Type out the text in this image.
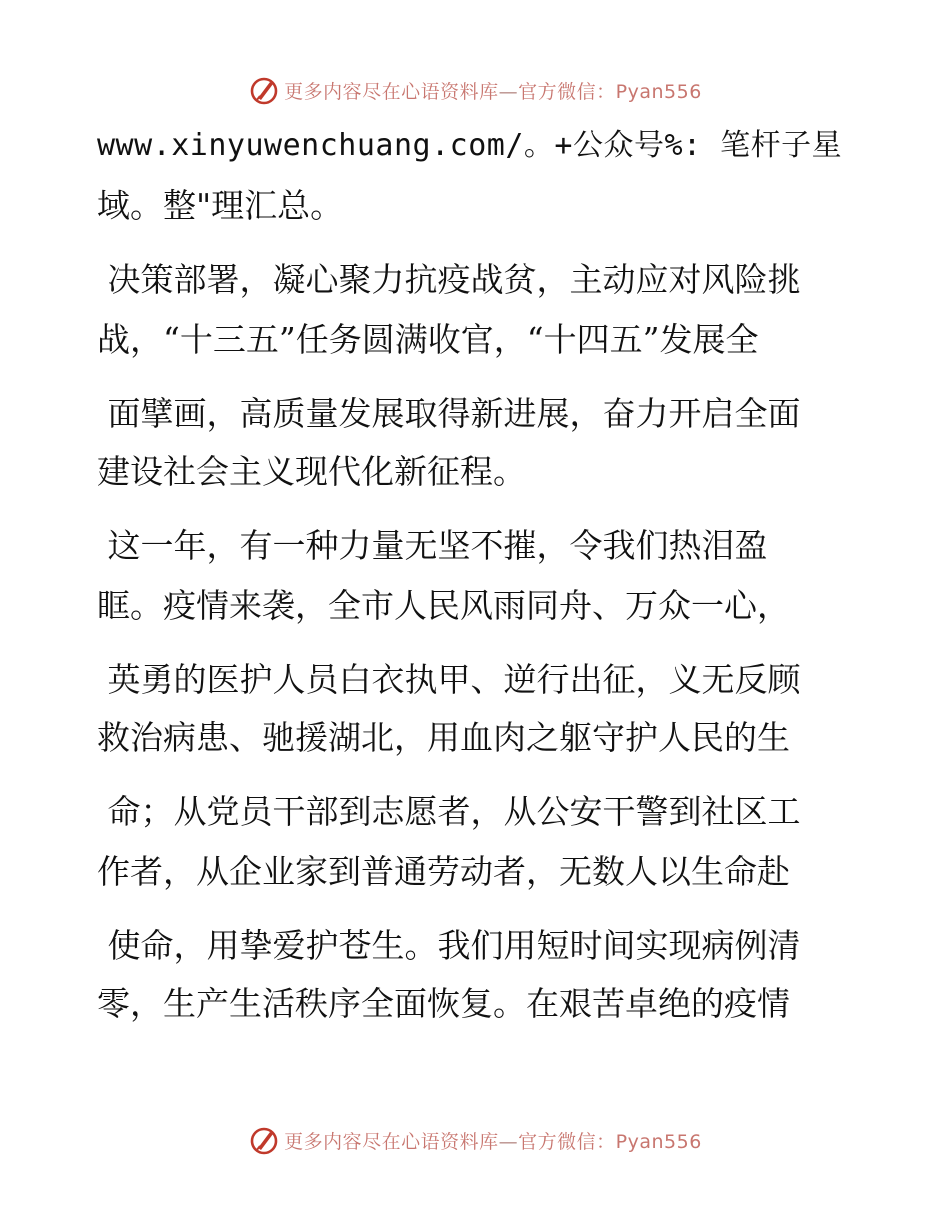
更多内容尽在心语资料库—官方微信：Pyan556
www.xinyuwenchuang.com/。+公众号%: 笔杆子星
域。整"理汇总。
决策部署，凝心聚力抗疫战贫，主动应对风险挑
战，“十三五”任务圆满收官，“十四五”发展全
面擘画，高质量发展取得新进展，奋力开启全面
建设社会主义现代化新征程。
这一年，有一种力量无坚不摧，令我们热泪盈
眶。疫情来袭，全市人民风雨同舟、万众一心，
英勇的医护人员白衣执甲、逆行出征，义无反顾
救治病患、驰援湖北，用血肉之躯守护人民的生
命；从党员干部到志愿者，从公安干警到社区工
作者，从企业家到普通劳动者，无数人以生命赴
使命，用挚爱护苍生。我们用短时间实现病例清
零，生产生活秩序全面恢复。在艰苦卓绝的疫情
更多内容尽在心语资料库—官方微信：Pyan556
